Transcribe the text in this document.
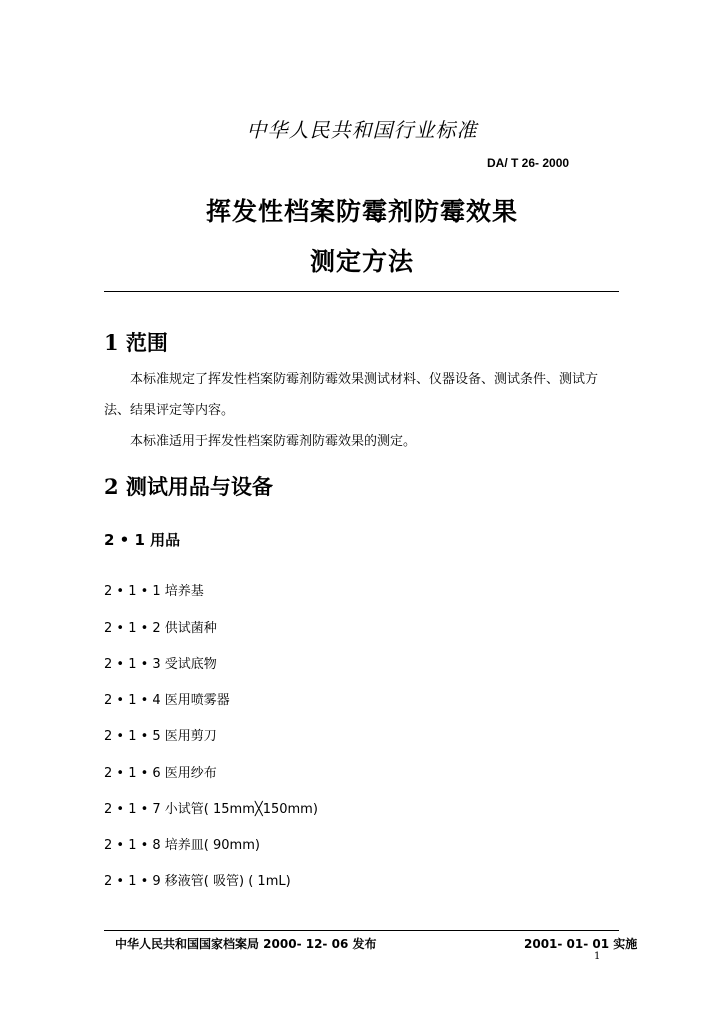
中华人民共和国行业标准
DA/ T 26- 2000
挥发性档案防霉剂防霉效果
测定方法
1 范围
本标准规定了挥发性档案防霉剂防霉效果测试材料、仪器设备、测试条件、测试方法、结果评定等内容。
本标准适用于挥发性档案防霉剂防霉效果的测定。
2 测试用品与设备
2 • 1 用品
2 • 1 • 1 培养基
2 • 1 • 2 供试菌种
2 • 1 • 3 受试底物
2 • 1 • 4 医用喷雾器
2 • 1 • 5 医用剪刀
2 • 1 • 6 医用纱布
2 • 1 • 7 小试管( 15mm╳150mm)
2 • 1 • 8 培养皿( 90mm)
2 • 1 • 9 移液管( 吸管) ( 1mL)
中华人民共和国国家档案局 2000- 12- 06 发布	2001- 01- 01 实施
1
